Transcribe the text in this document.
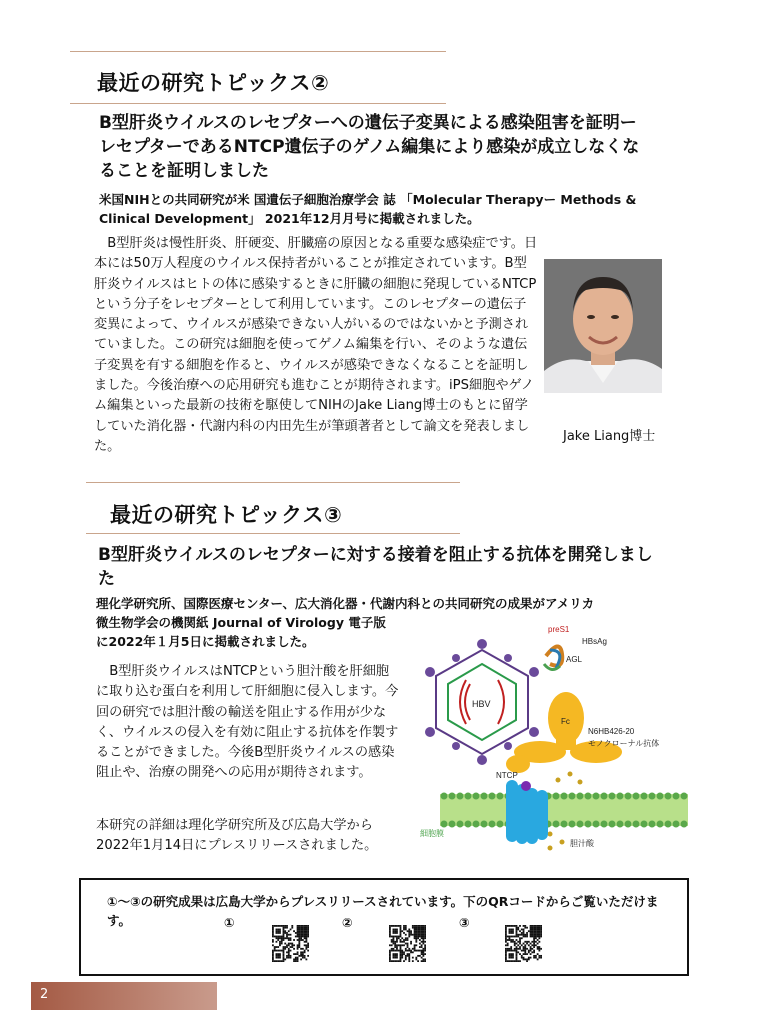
最近の研究トピックス②
B型肝炎ウイルスのレセプターへの遺伝子変異による感染阻害を証明ーレセプターであるNTCP遺伝子のゲノム編集により感染が成立しなくなることを証明しました
米国NIHとの共同研究が米 国遺伝子細胞治療学会 誌 「Molecular Therapyー Methods & Clinical Development」 2021年12月月号に掲載されました。
B型肝炎は慢性肝炎、肝硬変、肝臓癌の原因となる重要な感染症です。日本には50万人程度のウイルス保持者がいることが推定されています。B型肝炎ウイルスはヒトの体に感染するときに肝臓の細胞に発現しているNTCPという分子をレセプターとして利用しています。このレセプターの遺伝子変異によって、ウイルスが感染できない人がいるのではないかと予測されていました。この研究は細胞を使ってゲノム編集を行い、そのような遺伝子変異を有する細胞を作ると、ウイルスが感染できなくなることを証明しました。今後治療への応用研究も進むことが期待されます。iPS細胞やゲノム編集といった最新の技術を駆使してNIHのJake Liang博士のもとに留学していた消化器・代謝内科の内田先生が筆頭著者として論文を発表しました。
Jake Liang博士
最近の研究トピックス③
B型肝炎ウイルスのレセプターに対する接着を阻止する抗体を開発しました
理化学研究所、国際医療センター、広大消化器・代謝内科との共同研究の成果がアメリカ
微生物学会の機関紙 Journal of Virology 電子版に2022年１月5日に掲載されました。
B型肝炎ウイルスはNTCPという胆汁酸を肝細胞に取り込む蛋白を利用して肝細胞に侵入します。今回の研究では胆汁酸の輸送を阻止する作用が少なく、ウイルスの侵入を有効に阻止する抗体を作製することができました。今後B型肝炎ウイルスの感染阻止や、治療の開発への応用が期待されます。
本研究の詳細は理化学研究所及び広島大学から2022年1月14日にプレスリリースされました。
HBV
preS1
HBsAg
AGL
Fc
N6HB426-20
モノクローナル抗体
NTCP
細胞膜
胆汁酸
①～③の研究成果は広島大学からプレスリリースされています。下のQRコードからご覧いただけます。	①	②	③
2
